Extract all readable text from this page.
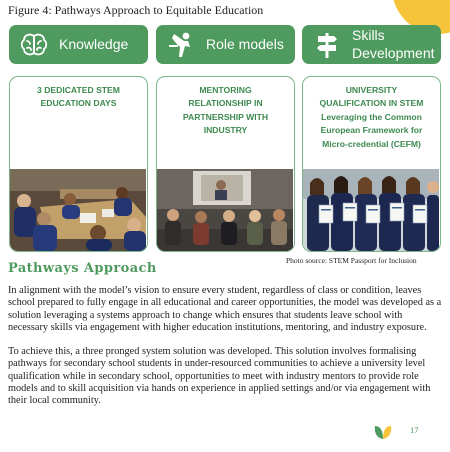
Figure 4: Pathways Approach to Equitable Education
Knowledge	Role models
Skills
Development
3 DEDICATED STEM
EDUCATION DAYS
MENTORING
RELATIONSHIP IN
PARTNERSHIP WITH
INDUSTRY
UNIVERSITY
QUALIFICATION IN STEM
Leveraging the Common
European Framework for
Micro-credential (CEFM)
Photo source: STEM Passport for Inclusion
Pathways Approach

In alignment with the model’s vision to ensure every student, regardless of class or condition, leaves school prepared to fully engage in all educational and career opportunities, the model was developed as a solution leveraging a systems approach to change which ensures that students leave school with necessary skills via engagement with higher education institutions, mentoring, and industry exposure.

To achieve this, a three pronged system solution was developed. This solution involves formalising pathways for secondary school students in under-resourced communities to achieve a university level qualification while in secondary school, opportunities to meet with industry mentors to provide role models and to skill acquisition via hands on experience in applied settings and/or via engagement with their local community.

17
